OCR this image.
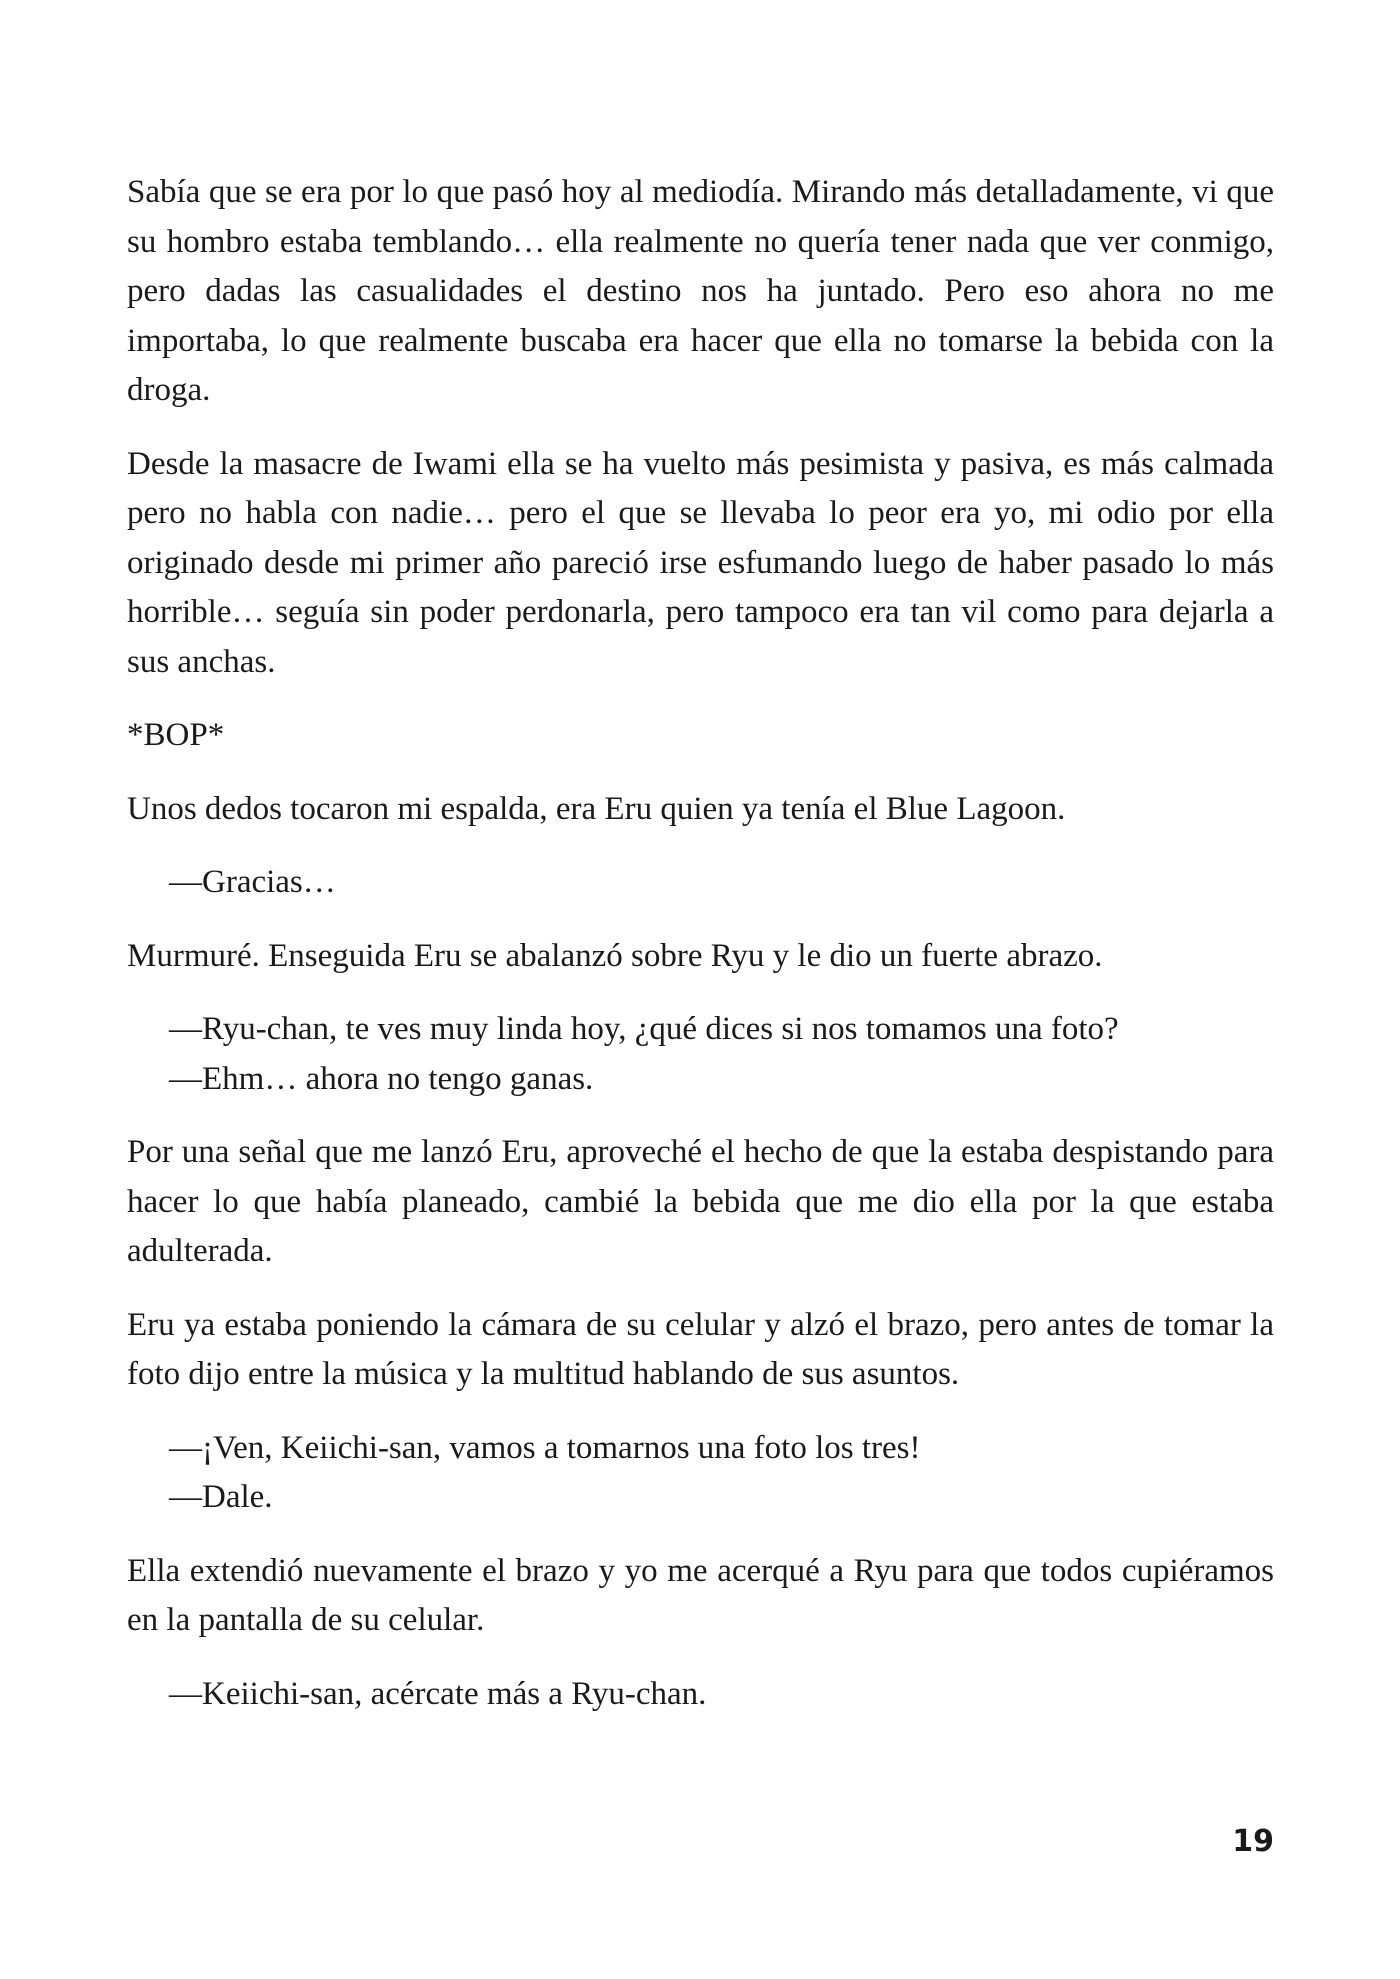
Sabía que se era por lo que pasó hoy al mediodía. Mirando más detalladamente, vi que su hombro estaba temblando… ella realmente no quería tener nada que ver conmigo, pero dadas las casualidades el destino nos ha juntado. Pero eso ahora no me importaba, lo que realmente buscaba era hacer que ella no tomarse la bebida con la droga.

Desde la masacre de Iwami ella se ha vuelto más pesimista y pasiva, es más calmada pero no habla con nadie… pero el que se llevaba lo peor era yo, mi odio por ella originado desde mi primer año pareció irse esfumando luego de haber pasado lo más horrible… seguía sin poder perdonarla, pero tampoco era tan vil como para dejarla a sus anchas.

*BOP*

Unos dedos tocaron mi espalda, era Eru quien ya tenía el Blue Lagoon.

—Gracias…

Murmuré. Enseguida Eru se abalanzó sobre Ryu y le dio un fuerte abrazo.

—Ryu-chan, te ves muy linda hoy, ¿qué dices si nos tomamos una foto?
—Ehm… ahora no tengo ganas.

Por una señal que me lanzó Eru, aproveché el hecho de que la estaba despistando para hacer lo que había planeado, cambié la bebida que me dio ella por la que estaba adulterada.

Eru ya estaba poniendo la cámara de su celular y alzó el brazo, pero antes de tomar la foto dijo entre la música y la multitud hablando de sus asuntos.

—¡Ven, Keiichi-san, vamos a tomarnos una foto los tres!
—Dale.

Ella extendió nuevamente el brazo y yo me acerqué a Ryu para que todos cupiéramos en la pantalla de su celular.

—Keiichi-san, acércate más a Ryu-chan.
19
